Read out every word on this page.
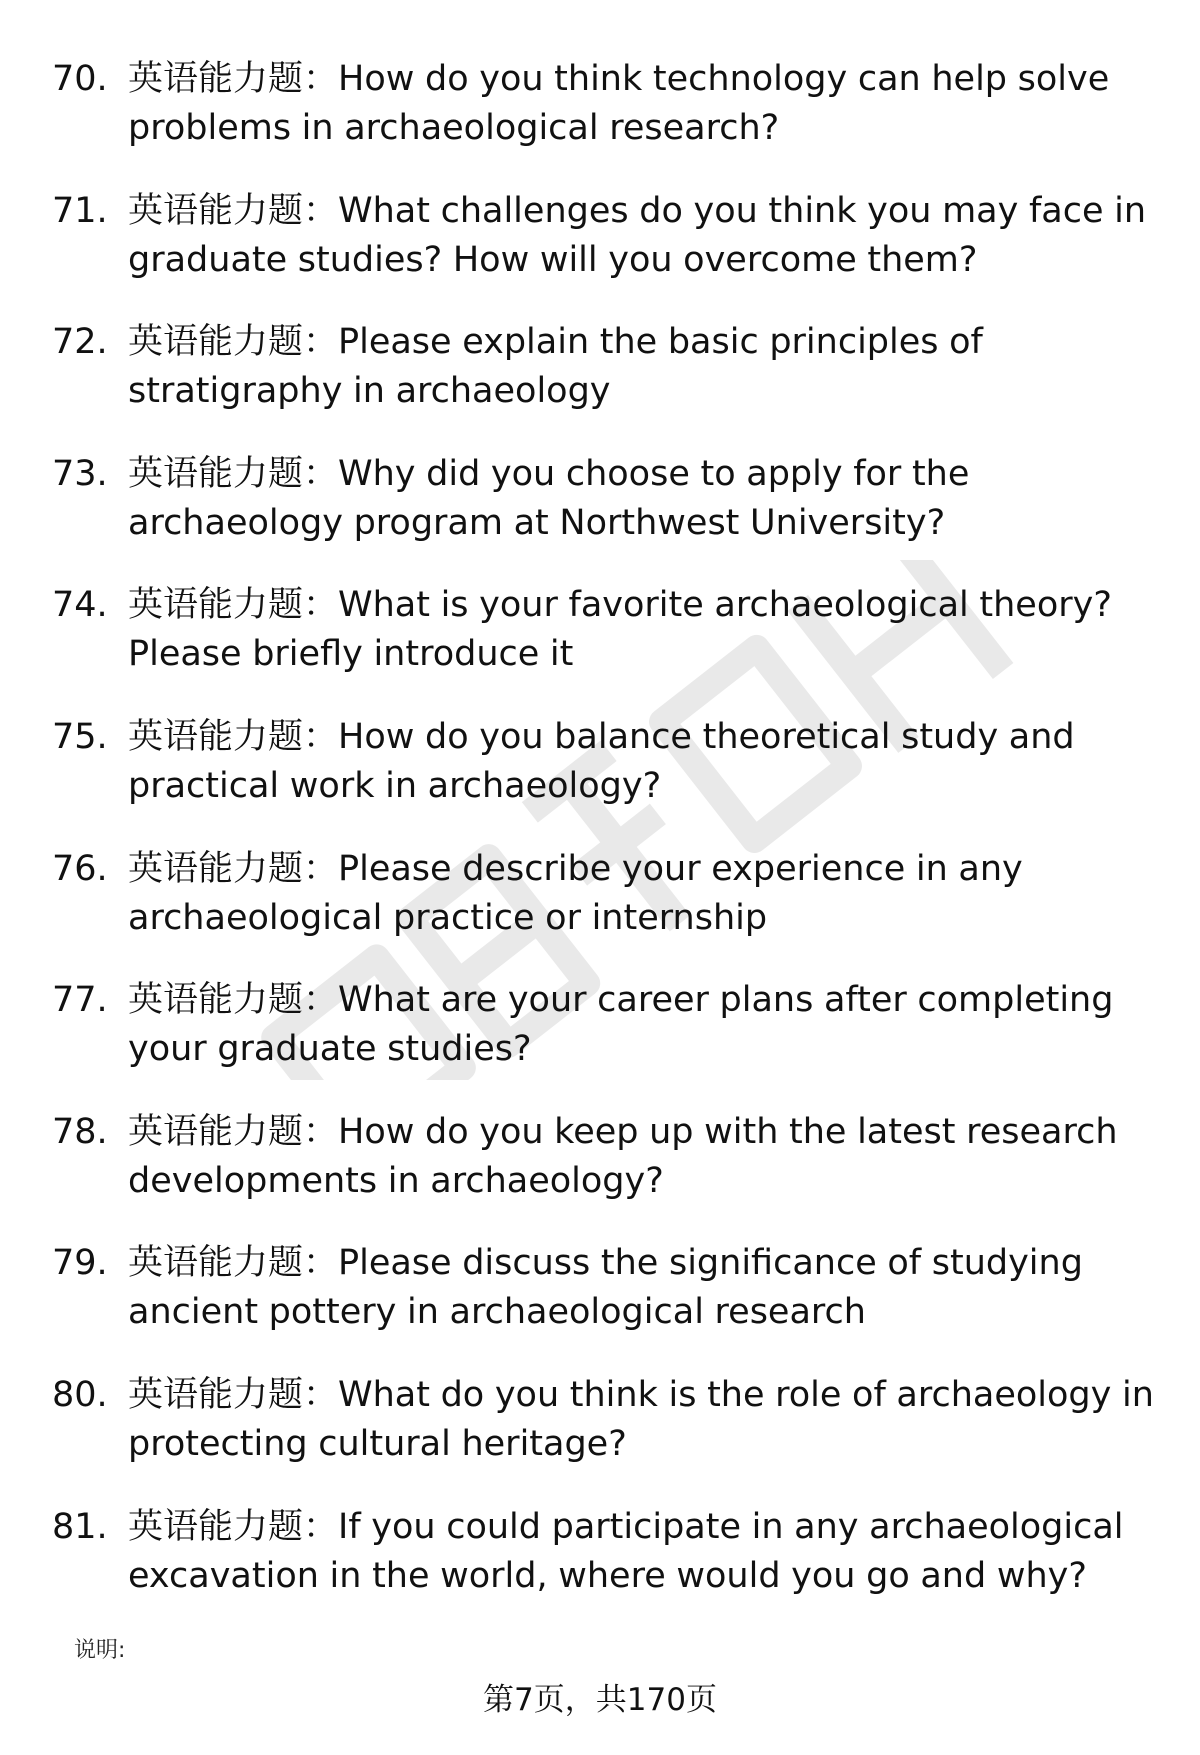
70. 英语能力题：How do you think technology can help solve problems in archaeological research?
71. 英语能力题：What challenges do you think you may face in graduate studies? How will you overcome them?
72. 英语能力题：Please explain the basic principles of stratigraphy in archaeology
73. 英语能力题：Why did you choose to apply for the archaeology program at Northwest University?
74. 英语能力题：What is your favorite archaeological theory? Please briefly introduce it
75. 英语能力题：How do you balance theoretical study and practical work in archaeology?
76. 英语能力题：Please describe your experience in any archaeological practice or internship
77. 英语能力题：What are your career plans after completing your graduate studies?
78. 英语能力题：How do you keep up with the latest research developments in archaeology?
79. 英语能力题：Please discuss the significance of studying ancient pottery in archaeological research
80. 英语能力题：What do you think is the role of archaeology in protecting cultural heritage?
81. 英语能力题：If you could participate in any archaeological excavation in the world, where would you go and why?
说明:
第7页，共170页
